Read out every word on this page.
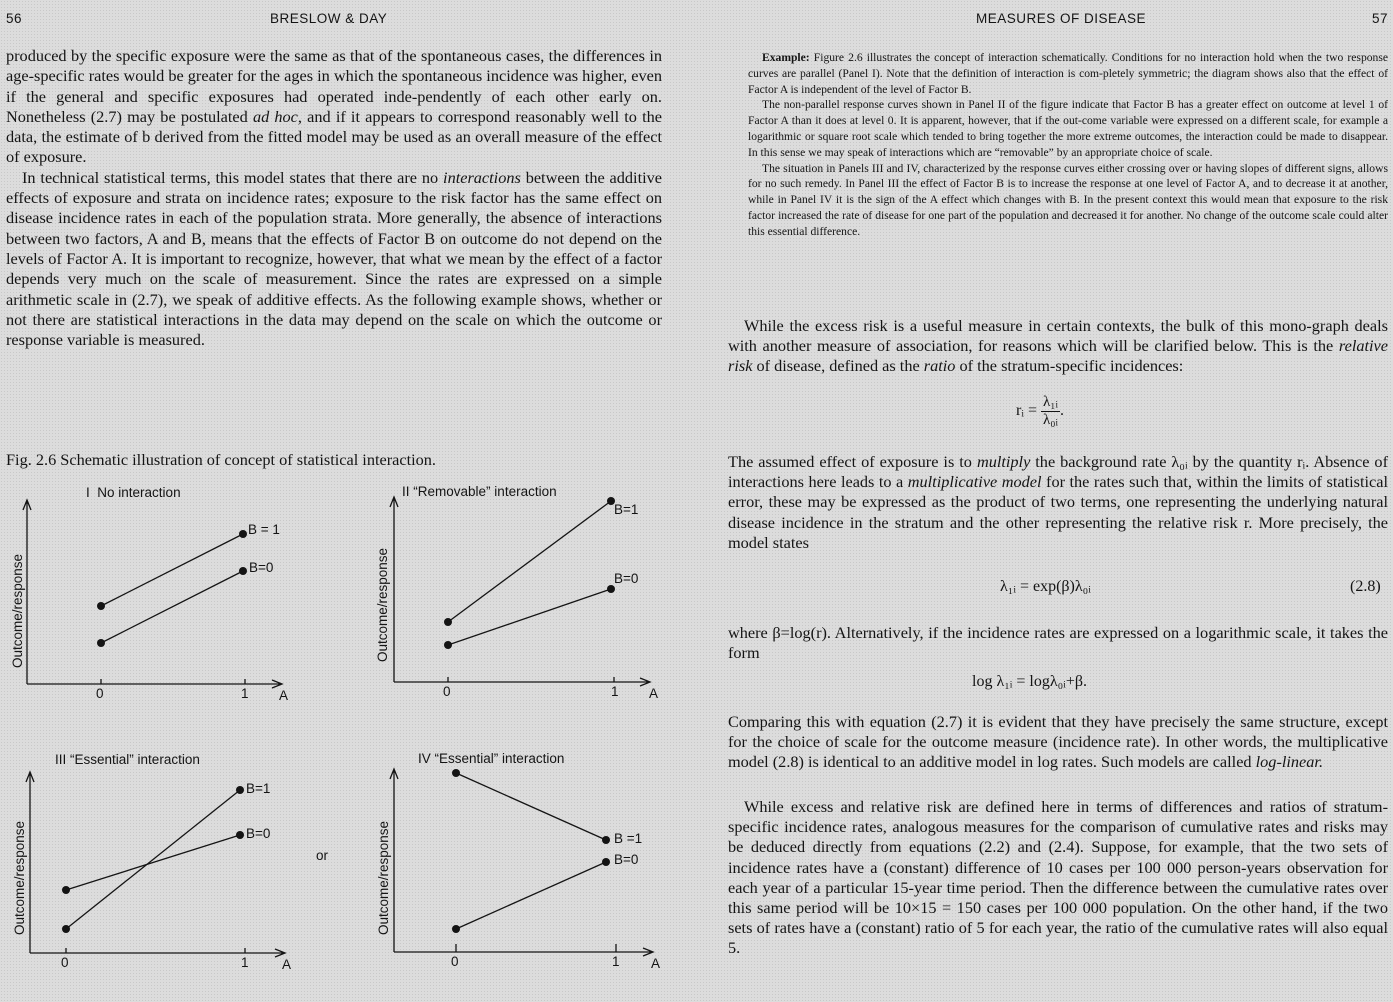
56	BRESLOW & DAY

produced by the specific exposure were the same as that of the spontaneous cases, the differences in age-specific rates would be greater for the ages in which the spontaneous incidence was higher, even if the general and specific exposures had operated inde-pendently of each other early on. Nonetheless (2.7) may be postulated ad hoc, and if it appears to correspond reasonably well to the data, the estimate of b derived from the fitted model may be used as an overall measure of the effect of exposure.

In technical statistical terms, this model states that there are no interactions between the additive effects of exposure and strata on incidence rates; exposure to the risk factor has the same effect on disease incidence rates in each of the population strata. More generally, the absence of interactions between two factors, A and B, means that the effects of Factor B on outcome do not depend on the levels of Factor A. It is important to recognize, however, that what we mean by the effect of a factor depends very much on the scale of measurement. Since the rates are expressed on a simple arithmetic scale in (2.7), we speak of additive effects. As the following example shows, whether or not there are statistical interactions in the data may depend on the scale on which the outcome or response variable is measured.

Fig. 2.6 Schematic illustration of concept of statistical interaction.
I No interaction
Outcome/response
B = 1
B=0
0	1 A
II “Removable” interaction
Outcome/response
B=1
B=0
0	1 A
III “Essential” interaction
Outcome/response
B=1
B=0
0	1 A
or
IV “Essential” interaction
Outcome/response	B =1
B=0
0	1 A
MEASURES OF DISEASE	57

Example: Figure 2.6 illustrates the concept of interaction schematically. Conditions for no interaction hold when the two response curves are parallel (Panel I). Note that the definition of interaction is com-pletely symmetric; the diagram shows also that the effect of Factor A is independent of the level of Factor B.

The non-parallel response curves shown in Panel II of the figure indicate that Factor B has a greater effect on outcome at level 1 of Factor A than it does at level 0. It is apparent, however, that if the out-come variable were expressed on a different scale, for example a logarithmic or square root scale which tended to bring together the more extreme outcomes, the interaction could be made to disappear. In this sense we may speak of interactions which are “removable” by an appropriate choice of scale.

The situation in Panels III and IV, characterized by the response curves either crossing over or having slopes of different signs, allows for no such remedy. In Panel III the effect of Factor B is to increase the response at one level of Factor A, and to decrease it at another, while in Panel IV it is the sign of the A effect which changes with B. In the present context this would mean that exposure to the risk factor increased the rate of disease for one part of the population and decreased it for another. No change of the outcome scale could alter this essential difference.

While the excess risk is a useful measure in certain contexts, the bulk of this mono-graph deals with another measure of association, for reasons which will be clarified below. This is the relative risk of disease, defined as the ratio of the stratum-specific incidences:

rᵢ = $\frac{\text{λ₁ᵢ}}{\text{λ₀ᵢ}}$ .

The assumed effect of exposure is to multiply the background rate λ₀ᵢ by the quantity rᵢ. Absence of interactions here leads to a multiplicative model for the rates such that, within the limits of statistical error, these may be expressed as the product of two terms, one representing the underlying natural disease incidence in the stratum and the other representing the relative risk r. More precisely, the model states

λ₁ᵢ = exp(β)λ₀ᵢ	(2.8)

where β=log(r). Alternatively, if the incidence rates are expressed on a logarithmic scale, it takes the form

log λ₁ᵢ = logλ₀ᵢ+β.

Comparing this with equation (2.7) it is evident that they have precisely the same structure, except for the choice of scale for the outcome measure (incidence rate). In other words, the multiplicative model (2.8) is identical to an additive model in log rates. Such models are called log-linear.

While excess and relative risk are defined here in terms of differences and ratios of stratum-specific incidence rates, analogous measures for the comparison of cumulative rates and risks may be deduced directly from equations (2.2) and (2.4). Suppose, for example, that the two sets of incidence rates have a (constant) difference of 10 cases per 100 000 person-years observation for each year of a particular 15-year time period. Then the difference between the cumulative rates over this same period will be 10×15 = 150 cases per 100 000 population. On the other hand, if the two sets of rates have a (constant) ratio of 5 for each year, the ratio of the cumulative rates will also equal 5.
